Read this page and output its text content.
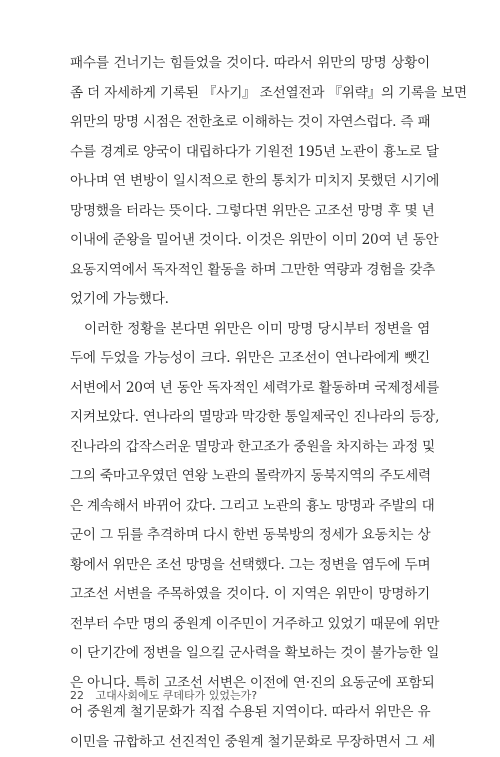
패수를 건너기는 힘들었을 것이다. 따라서 위만의 망명 상황이
좀 더 자세하게 기록된 『사기』 조선열전과 『위략』의 기록을 보면
위만의 망명 시점은 전한초로 이해하는 것이 자연스럽다. 즉 패
수를 경계로 양국이 대립하다가 기원전 195년 노관이 흉노로 달
아나며 연 변방이 일시적으로 한의 통치가 미치지 못했던 시기에
망명했을 터라는 뜻이다. 그렇다면 위만은 고조선 망명 후 몇 년
이내에 준왕을 밀어낸 것이다. 이것은 위만이 이미 20여 년 동안
요동지역에서 독자적인 활동을 하며 그만한 역량과 경험을 갖추
었기에 가능했다.
이러한 정황을 본다면 위만은 이미 망명 당시부터 정변을 염
두에 두었을 가능성이 크다. 위만은 고조선이 연나라에게 뺏긴
서변에서 20여 년 동안 독자적인 세력가로 활동하며 국제정세를
지켜보았다. 연나라의 멸망과 막강한 통일제국인 진나라의 등장,
진나라의 갑작스러운 멸망과 한고조가 중원을 차지하는 과정 및
그의 죽마고우였던 연왕 노관의 몰락까지 동북지역의 주도세력
은 계속해서 바뀌어 갔다. 그리고 노관의 흉노 망명과 주발의 대
군이 그 뒤를 추격하며 다시 한번 동북방의 정세가 요동치는 상
황에서 위만은 조선 망명을 선택했다. 그는 정변을 염두에 두며
고조선 서변을 주목하였을 것이다. 이 지역은 위만이 망명하기
전부터 수만 명의 중원계 이주민이 거주하고 있었기 때문에 위만
이 단기간에 정변을 일으킬 군사력을 확보하는 것이 불가능한 일
은 아니다. 특히 고조선 서변은 이전에 연·진의 요동군에 포함되
어 중원계 철기문화가 직접 수용된 지역이다. 따라서 위만은 유
이민을 규합하고 선진적인 중원계 철기문화로 무장하면서 그 세
22 고대사회에도 쿠데타가 있었는가?
